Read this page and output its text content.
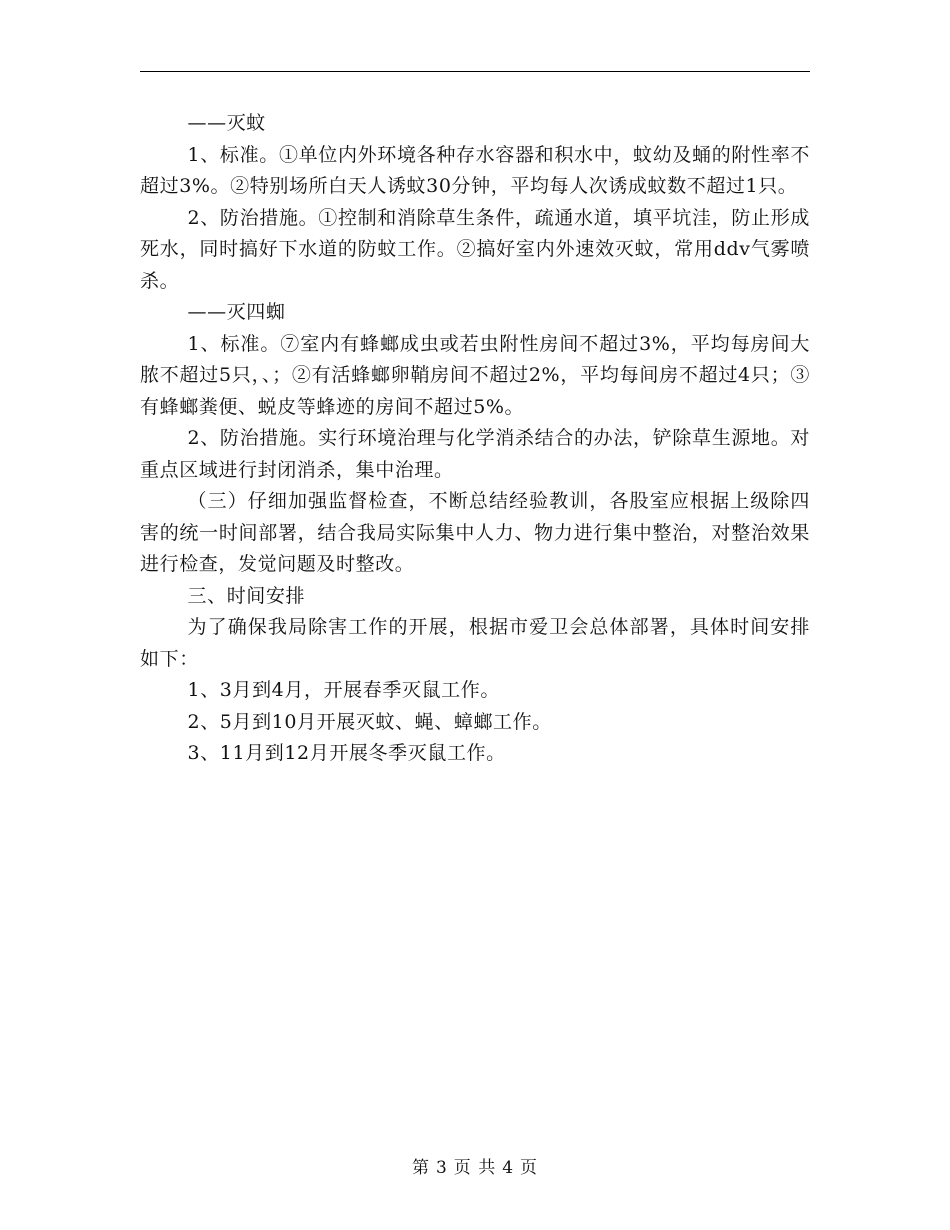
——灭蚊

1、标准。①单位内外环境各种存水容器和积水中，蚊幼及蛹的附性率不超过3%。②特别场所白天人诱蚊30分钟，平均每人次诱成蚊数不超过1只。

2、防治措施。①控制和消除草生条件，疏通水道，填平坑洼，防止形成死水，同时搞好下水道的防蚊工作。②搞好室内外速效灭蚊，常用ddv气雾喷杀。

——灭四蜘

1、标准。⑦室内有蜂螂成虫或若虫附性房间不超过3%，平均每房间大脓不超过5只，、；②有活蜂螂卵鞘房间不超过2%，平均每间房不超过4只；③有蜂螂粪便、蜕皮等蜂迹的房间不超过5%。

2、防治措施。实行环境治理与化学消杀结合的办法，铲除草生源地。对重点区域进行封闭消杀，集中治理。

（三）仔细加强监督检查，不断总结经验教训，各股室应根据上级除四害的统一时间部署，结合我局实际集中人力、物力进行集中整治，对整治效果进行检查，发觉问题及时整改。

三、时间安排

为了确保我局除害工作的开展，根据市爱卫会总体部署，具体时间安排如下：

1、3月到4月，开展春季灭鼠工作。

2、5月到10月开展灭蚊、蝇、蟑螂工作。

3、11月到12月开展冬季灭鼠工作。

第 3 页 共 4 页
